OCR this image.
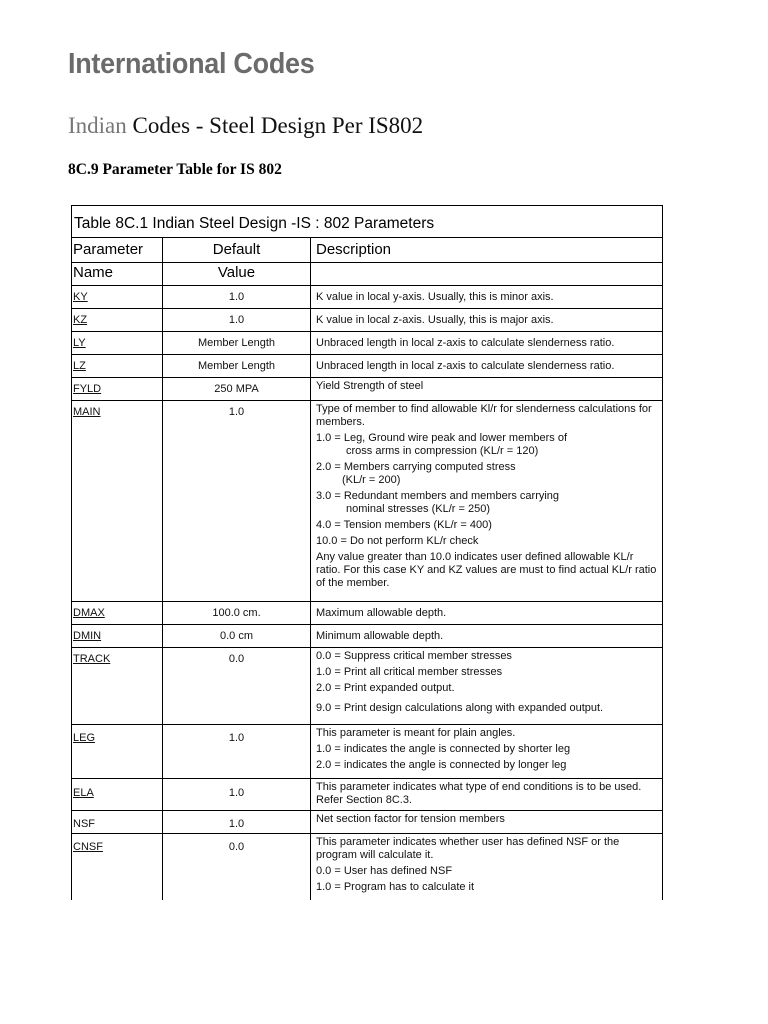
International Codes
Indian Codes - Steel Design Per IS802
8C.9 Parameter Table for IS 802
Table 8C.1 Indian Steel Design -IS : 802 Parameters
Parameter	Default	Description
Name	Value
KY	1.0	K value in local y-axis. Usually, this is minor axis.
KZ	1.0	K value in local z-axis. Usually, this is major axis.
LY	Member Length	Unbraced length in local z-axis to calculate slenderness ratio.
LZ	Member Length	Unbraced length in local z-axis to calculate slenderness ratio.
FYLD	250 MPA	Yield Strength of steel
MAIN	1.0	Type of member to find allowable Kl/r for slenderness calculations for members.
1.0 = Leg, Ground wire peak and lower members of
cross arms in compression (KL/r = 120)
2.0 = Members carrying computed stress
(KL/r = 200)
3.0 = Redundant members and members carrying
nominal stresses (KL/r = 250)
4.0 = Tension members (KL/r = 400)
10.0 = Do not perform KL/r check
Any value greater than 10.0 indicates user defined allowable KL/r ratio. For this case KY and KZ values are must to find actual KL/r ratio of the member.
DMAX	100.0 cm.	Maximum allowable depth.
DMIN	0.0 cm	Minimum allowable depth.
TRACK	0.0	0.0 = Suppress critical member stresses
1.0 = Print all critical member stresses
2.0 = Print expanded output.
9.0 = Print design calculations along with expanded output.
LEG	1.0	This parameter is meant for plain angles.
1.0 = indicates the angle is connected by shorter leg
2.0 = indicates the angle is connected by longer leg
ELA	1.0	This parameter indicates what type of end conditions is to be used. Refer Section 8C.3.
NSF	1.0	Net section factor for tension members
CNSF	0.0	This parameter indicates whether user has defined NSF or the program will calculate it.
0.0 = User has defined NSF
1.0 = Program has to calculate it
